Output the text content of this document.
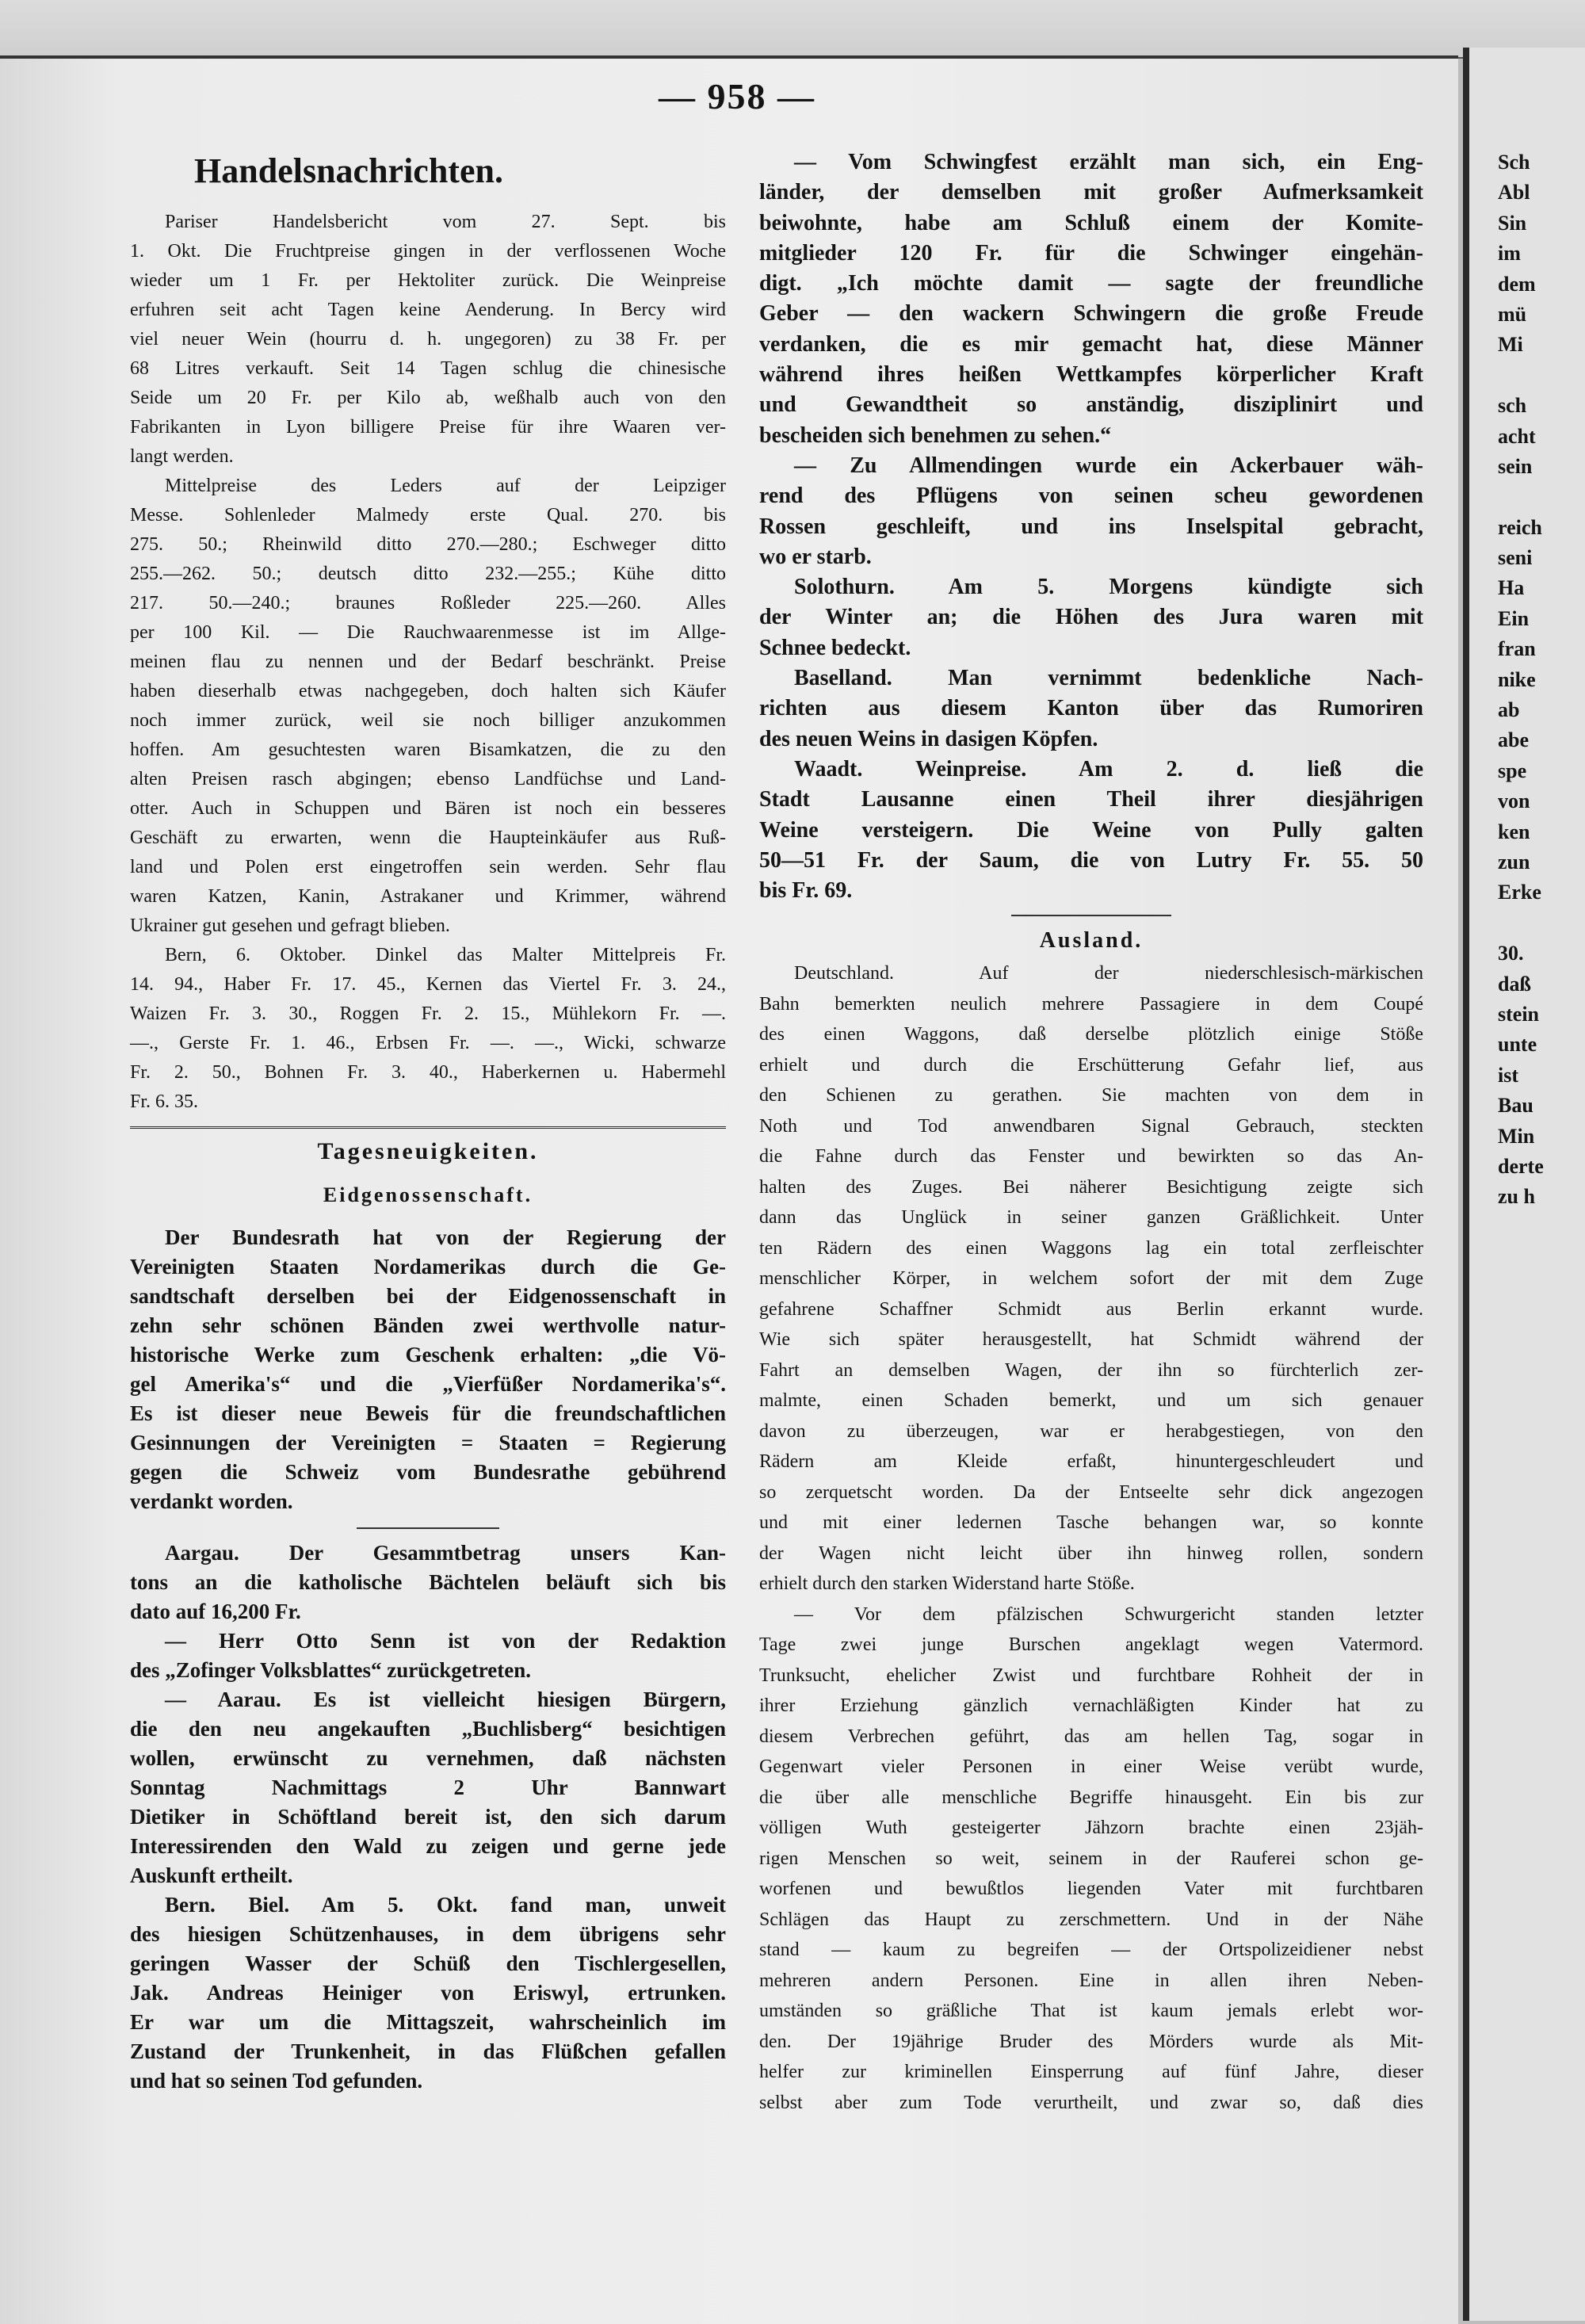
— 958 —
Handelsnachrichten.
Pariser Handelsbericht vom 27. Sept. bis
1. Okt. Die Fruchtpreise gingen in der verflossenen Woche
wieder um 1 Fr. per Hektoliter zurück. Die Weinpreise
erfuhren seit acht Tagen keine Aenderung. In Bercy wird
viel neuer Wein (hourru d. h. ungegoren) zu 38 Fr. per
68 Litres verkauft. Seit 14 Tagen schlug die chinesische
Seide um 20 Fr. per Kilo ab, weßhalb auch von den
Fabrikanten in Lyon billigere Preise für ihre Waaren ver-
langt werden.
Mittelpreise des Leders auf der Leipziger
Messe. Sohlenleder Malmedy erste Qual. 270. bis
275. 50.; Rheinwild ditto 270.—280.; Eschweger ditto
255.—262. 50.; deutsch ditto 232.—255.; Kühe ditto
217. 50.—240.; braunes Roßleder 225.—260. Alles
per 100 Kil. — Die Rauchwaarenmesse ist im Allge-
meinen flau zu nennen und der Bedarf beschränkt. Preise
haben dieserhalb etwas nachgegeben, doch halten sich Käufer
noch immer zurück, weil sie noch billiger anzukommen
hoffen. Am gesuchtesten waren Bisamkatzen, die zu den
alten Preisen rasch abgingen; ebenso Landfüchse und Land-
otter. Auch in Schuppen und Bären ist noch ein besseres
Geschäft zu erwarten, wenn die Haupteinkäufer aus Ruß-
land und Polen erst eingetroffen sein werden. Sehr flau
waren Katzen, Kanin, Astrakaner und Krimmer, während
Ukrainer gut gesehen und gefragt blieben.
Bern, 6. Oktober. Dinkel das Malter Mittelpreis Fr.
14. 94., Haber Fr. 17. 45., Kernen das Viertel Fr. 3. 24.,
Waizen Fr. 3. 30., Roggen Fr. 2. 15., Mühlekorn Fr. —.
—., Gerste Fr. 1. 46., Erbsen Fr. —. —., Wicki, schwarze
Fr. 2. 50., Bohnen Fr. 3. 40., Haberkernen u. Habermehl
Fr. 6. 35.
Tagesneuigkeiten.
Eidgenossenschaft.
Der Bundesrath hat von der Regierung der
Vereinigten Staaten Nordamerikas durch die Ge-
sandtschaft derselben bei der Eidgenossenschaft in
zehn sehr schönen Bänden zwei werthvolle natur-
historische Werke zum Geschenk erhalten: „die Vö-
gel Amerika's“ und die „Vierfüßer Nordamerika's“.
Es ist dieser neue Beweis für die freundschaftlichen
Gesinnungen der Vereinigten = Staaten = Regierung
gegen die Schweiz vom Bundesrathe gebührend
verdankt worden.
Aargau. Der Gesammtbetrag unsers Kan-
tons an die katholische Bächtelen beläuft sich bis
dato auf 16,200 Fr.
— Herr Otto Senn ist von der Redaktion
des „Zofinger Volksblattes“ zurückgetreten.
— Aarau. Es ist vielleicht hiesigen Bürgern,
die den neu angekauften „Buchlisberg“ besichtigen
wollen, erwünscht zu vernehmen, daß nächsten
Sonntag Nachmittags 2 Uhr Bannwart
Dietiker in Schöftland bereit ist, den sich darum
Interessirenden den Wald zu zeigen und gerne jede
Auskunft ertheilt.
Bern. Biel. Am 5. Okt. fand man, unweit
des hiesigen Schützenhauses, in dem übrigens sehr
geringen Wasser der Schüß den Tischlergesellen,
Jak. Andreas Heiniger von Eriswyl, ertrunken.
Er war um die Mittagszeit, wahrscheinlich im
Zustand der Trunkenheit, in das Flüßchen gefallen
und hat so seinen Tod gefunden.
— Vom Schwingfest erzählt man sich, ein Eng-
länder, der demselben mit großer Aufmerksamkeit
beiwohnte, habe am Schluß einem der Komite-
mitglieder 120 Fr. für die Schwinger eingehän-
digt. „Ich möchte damit — sagte der freundliche
Geber — den wackern Schwingern die große Freude
verdanken, die es mir gemacht hat, diese Männer
während ihres heißen Wettkampfes körperlicher Kraft
und Gewandtheit so anständig, disziplinirt und
bescheiden sich benehmen zu sehen.“
— Zu Allmendingen wurde ein Ackerbauer wäh-
rend des Pflügens von seinen scheu gewordenen
Rossen geschleift, und ins Inselspital gebracht,
wo er starb.
Solothurn. Am 5. Morgens kündigte sich
der Winter an; die Höhen des Jura waren mit
Schnee bedeckt.
Baselland. Man vernimmt bedenkliche Nach-
richten aus diesem Kanton über das Rumoriren
des neuen Weins in dasigen Köpfen.
Waadt. Weinpreise. Am 2. d. ließ die
Stadt Lausanne einen Theil ihrer diesjährigen
Weine versteigern. Die Weine von Pully galten
50—51 Fr. der Saum, die von Lutry Fr. 55. 50
bis Fr. 69.
Ausland.
Deutschland. Auf der niederschlesisch-märkischen
Bahn bemerkten neulich mehrere Passagiere in dem Coupé
des einen Waggons, daß derselbe plötzlich einige Stöße
erhielt und durch die Erschütterung Gefahr lief, aus
den Schienen zu gerathen. Sie machten von dem in
Noth und Tod anwendbaren Signal Gebrauch, steckten
die Fahne durch das Fenster und bewirkten so das An-
halten des Zuges. Bei näherer Besichtigung zeigte sich
dann das Unglück in seiner ganzen Gräßlichkeit. Unter
ten Rädern des einen Waggons lag ein total zerfleischter
menschlicher Körper, in welchem sofort der mit dem Zuge
gefahrene Schaffner Schmidt aus Berlin erkannt wurde.
Wie sich später herausgestellt, hat Schmidt während der
Fahrt an demselben Wagen, der ihn so fürchterlich zer-
malmte, einen Schaden bemerkt, und um sich genauer
davon zu überzeugen, war er herabgestiegen, von den
Rädern am Kleide erfaßt, hinuntergeschleudert und
so zerquetscht worden. Da der Entseelte sehr dick angezogen
und mit einer ledernen Tasche behangen war, so konnte
der Wagen nicht leicht über ihn hinweg rollen, sondern
erhielt durch den starken Widerstand harte Stöße.
— Vor dem pfälzischen Schwurgericht standen letzter
Tage zwei junge Burschen angeklagt wegen Vatermord.
Trunksucht, ehelicher Zwist und furchtbare Rohheit der in
ihrer Erziehung gänzlich vernachläßigten Kinder hat zu
diesem Verbrechen geführt, das am hellen Tag, sogar in
Gegenwart vieler Personen in einer Weise verübt wurde,
die über alle menschliche Begriffe hinausgeht. Ein bis zur
völligen Wuth gesteigerter Jähzorn brachte einen 23jäh-
rigen Menschen so weit, seinem in der Rauferei schon ge-
worfenen und bewußtlos liegenden Vater mit furchtbaren
Schlägen das Haupt zu zerschmettern. Und in der Nähe
stand — kaum zu begreifen — der Ortspolizeidiener nebst
mehreren andern Personen. Eine in allen ihren Neben-
umständen so gräßliche That ist kaum jemals erlebt wor-
den. Der 19jährige Bruder des Mörders wurde als Mit-
helfer zur kriminellen Einsperrung auf fünf Jahre, dieser
selbst aber zum Tode verurtheilt, und zwar so, daß dies
Sch
Abl
Sin
im
dem
mü
Mi
sch
acht
sein
reich
seni
Ha
Ein
fran
nike
ab
abe
spe
von
ken
zun
Erke
30.
daß
stein
unte
ist
Bau
Min
derte
zu h
